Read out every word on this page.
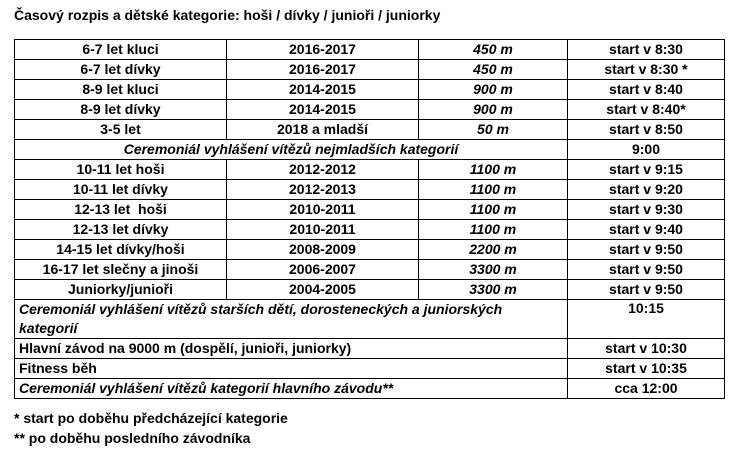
Časový rozpis a dětské kategorie: hoši / dívky / junioři / juniorky
6-7 let kluci	2016-2017	450 m	start v 8:30
6-7 let dívky	2016-2017	450 m	start v 8:30 *
8-9 let kluci	2014-2015	900 m	start v 8:40
8-9 let dívky	2014-2015	900 m	start v 8:40*
3-5 let	2018 a mladší	50 m	start v 8:50
Ceremoniál vyhlášení vítězů nejmladších kategorií			9:00
10-11 let hoši	2012-2012	1100 m	start v 9:15
10-11 let dívky	2012-2013	1100 m	start v 9:20
12-13 let  hoši	2010-2011	1100 m	start v 9:30
12-13 let dívky	2010-2011	1100 m	start v 9:40
14-15 let dívky/hoši	2008-2009	2200 m	start v 9:50
16-17 let slečny a jinoši	2006-2007	3300 m	start v 9:50
Juniorky/junioři	2004-2005	3300 m	start v 9:50
Ceremoniál vyhlášení vítězů starších dětí, dorosteneckých a juniorských kategorií			10:15
Hlavní závod na 9000 m (dospělí, junioři, juniorky)			start v 10:30
Fitness běh			start v 10:35
Ceremoniál vyhlášení vítězů kategorií hlavního závodu**			cca 12:00
* start po doběhu předcházející kategorie
** po doběhu posledního závodníka
